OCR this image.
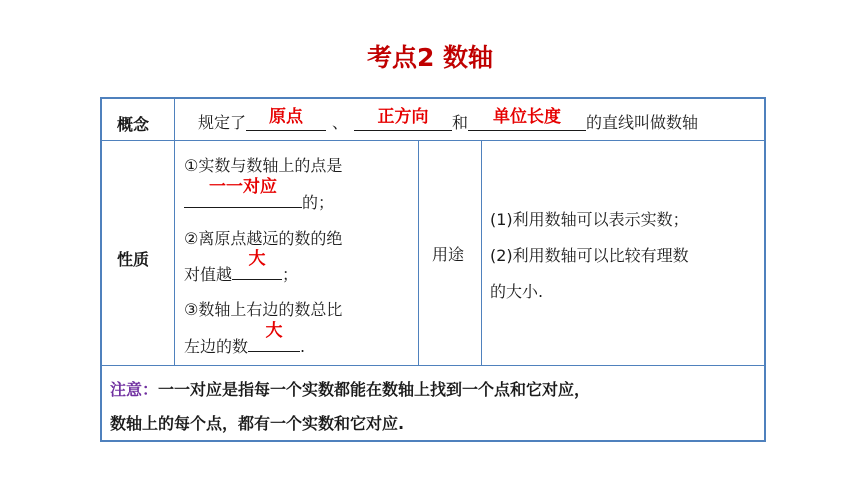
考点2 数轴
概念	规定了 原点 、 正方向 和 单位长度 的直线叫做数轴
性质
①实数与数轴上的点是
一一对应
的；
②离原点越远的数的绝
对值越
大
；
③数轴上右边的数总比
左边的数
大
.
用途
(1)利用数轴可以表示实数；
(2)利用数轴可以比较有理数
的大小.
注意：一一对应是指每一个实数都能在数轴上找到一个点和它对应，
数轴上的每个点，都有一个实数和它对应.
